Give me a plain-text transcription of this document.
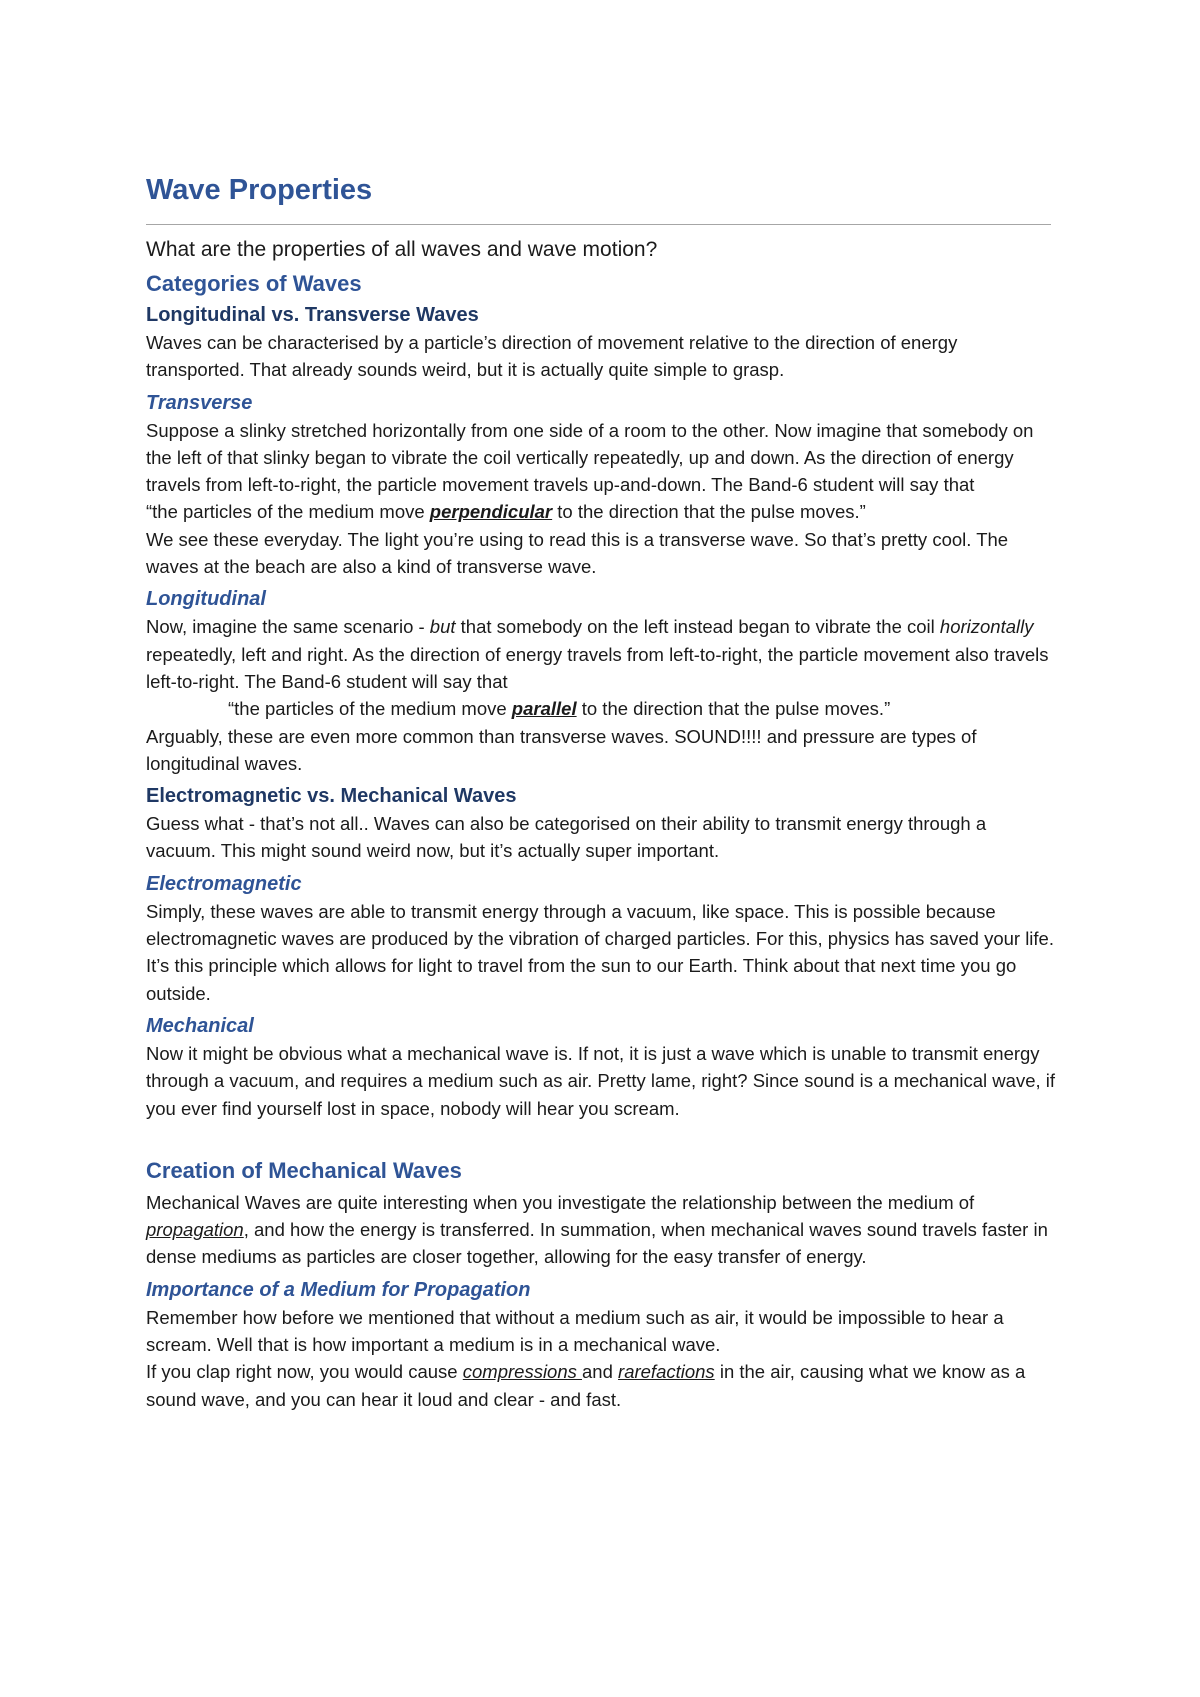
Wave Properties
What are the properties of all waves and wave motion?
Categories of Waves
Longitudinal vs. Transverse Waves

Waves can be characterised by a particle’s direction of movement relative to the direction of energy transported. That already sounds weird, but it is actually quite simple to grasp.

Transverse

Suppose a slinky stretched horizontally from one side of a room to the other. Now imagine that somebody on the left of that slinky began to vibrate the coil vertically repeatedly, up and down. As the direction of energy travels from left-to-right, the particle movement travels up-and-down. The Band-6 student will say that

“the particles of the medium move perpendicular to the direction that the pulse moves.”

We see these everyday. The light you’re using to read this is a transverse wave. So that’s pretty cool. The waves at the beach are also a kind of transverse wave.

Longitudinal

Now, imagine the same scenario - but that somebody on the left instead began to vibrate the coil horizontally repeatedly, left and right. As the direction of energy travels from left-to-right, the particle movement also travels left-to-right. The Band-6 student will say that

“the particles of the medium move parallel to the direction that the pulse moves.”

Arguably, these are even more common than transverse waves. SOUND!!!! and pressure are types of longitudinal waves.

Electromagnetic vs. Mechanical Waves

Guess what - that’s not all.. Waves can also be categorised on their ability to transmit energy through a vacuum. This might sound weird now, but it’s actually super important.

Electromagnetic

Simply, these waves are able to transmit energy through a vacuum, like space. This is possible because electromagnetic waves are produced by the vibration of charged particles. For this, physics has saved your life. It’s this principle which allows for light to travel from the sun to our Earth. Think about that next time you go outside.

Mechanical

Now it might be obvious what a mechanical wave is. If not, it is just a wave which is unable to transmit energy through a vacuum, and requires a medium such as air. Pretty lame, right? Since sound is a mechanical wave, if you ever find yourself lost in space, nobody will hear you scream.

Creation of Mechanical Waves

Mechanical Waves are quite interesting when you investigate the relationship between the medium of propagation, and how the energy is transferred. In summation, when mechanical waves sound travels faster in dense mediums as particles are closer together, allowing for the easy transfer of energy.

Importance of a Medium for Propagation

Remember how before we mentioned that without a medium such as air, it would be impossible to hear a scream. Well that is how important a medium is in a mechanical wave.

If you clap right now, you would cause compressions and rarefactions in the air, causing what we know as a sound wave, and you can hear it loud and clear - and fast.
